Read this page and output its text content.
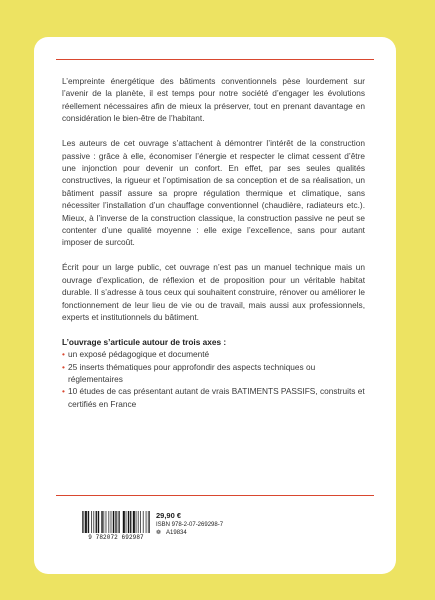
L’empreinte énergétique des bâtiments conventionnels pèse lourdement sur l’avenir de la planète, il est temps pour notre société d’engager les évolutions réellement nécessaires afin de mieux la préserver, tout en prenant davantage en considération le bien-être de l’habitant.

Les auteurs de cet ouvrage s’attachent à démontrer l’intérêt de la construction passive : grâce à elle, économiser l’énergie et respecter le climat cessent d’être une injonction pour devenir un confort. En effet, par ses seules qualités constructives, la rigueur et l’optimisation de sa conception et de sa réalisation, un bâtiment passif assure sa propre régulation thermique et climatique, sans nécessiter l’installation d’un chauffage conventionnel (chaudière, radiateurs etc.). Mieux, à l’inverse de la construction classique, la construction passive ne peut se contenter d’une qualité moyenne : elle exige l’excellence, sans pour autant imposer de surcoût.

Écrit pour un large public, cet ouvrage n’est pas un manuel technique mais un ouvrage d’explication, de réflexion et de proposition pour un véritable habitat durable. Il s’adresse à tous ceux qui souhaitent construire, rénover ou améliorer le fonctionnement de leur lieu de vie ou de travail, mais aussi aux professionnels, experts et institutionnels du bâtiment.

L’ouvrage s’articule autour de trois axes :

• un exposé pédagogique et documenté
• 25 inserts thématiques pour approfondir des aspects techniques ou réglementaires
• 10 études de cas présentant autant de vrais BATIMENTS PASSIFS, construits et certifiés en France
9 782072 692987
29,90 €
ISBN 978-2-07-269298-7
❁ A19834
